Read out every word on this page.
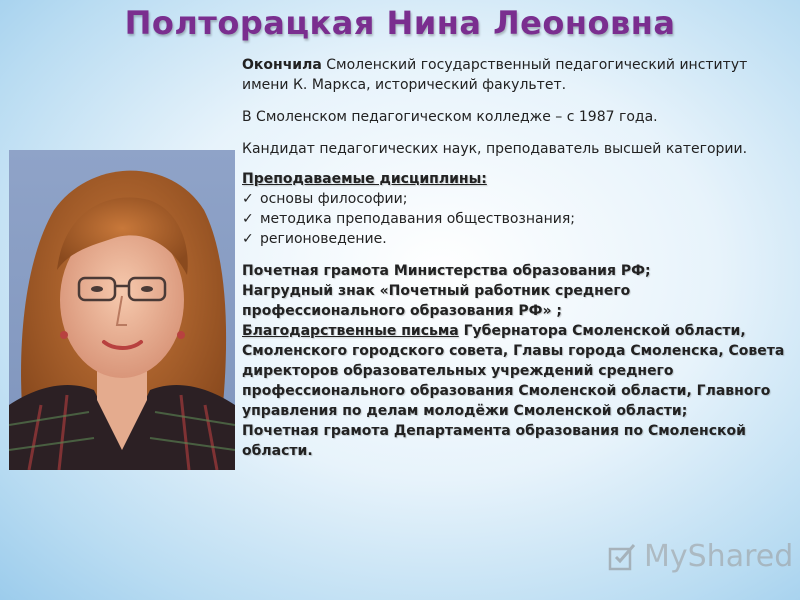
Полторацкая Нина Леоновна

Окончила Смоленский государственный педагогический институт имени К. Маркса, исторический факультет.

В Смоленском педагогическом колледже – с 1987 года.

Кандидат педагогических наук, преподаватель высшей категории.

Преподаваемые дисциплины:

✓ основы философии;
✓ методика преподавания обществознания;
✓ регионоведение.

Почетная грамота Министерства образования РФ;

Нагрудный знак «Почетный работник среднего профессионального образования РФ» ;

Благодарственные письма Губернатора Смоленской области, Смоленского городского совета, Главы города Смоленска, Совета директоров образовательных учреждений среднего профессионального образования Смоленской области, Главного управления по делам молодёжи Смоленской области;

Почетная грамота Департамента образования по Смоленской области.

MyShared
